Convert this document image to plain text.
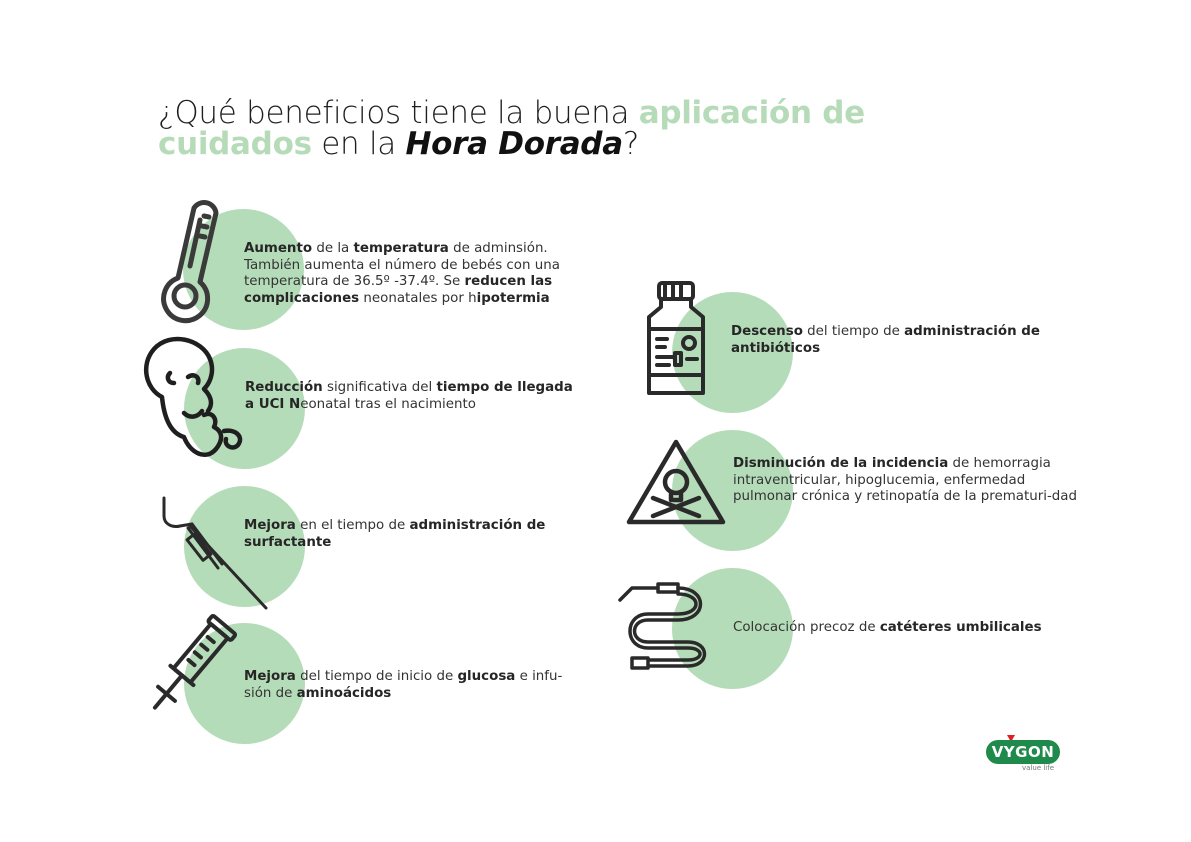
¿Qué beneficios tiene la buena aplicación de cuidados en la Hora Dorada?
Aumento de la temperatura de adminsión. También aumenta el número de bebés con una temperatura de 36.5º -37.4º. Se reducen las complicaciones neonatales por hipotermia
Reducción significativa del tiempo de llegada a UCI Neonatal tras el nacimiento
Mejora en el tiempo de administración de surfactante
Mejora del tiempo de inicio de glucosa e infu-sión de aminoácidos
Descenso del tiempo de administración de antibióticos
Disminución de la incidencia de hemorragia intraventricular, hipoglucemia, enfermedad pulmonar crónica y retinopatía de la prematuri-dad
Colocación precoz de catéteres umbilicales
VYGON
value life
